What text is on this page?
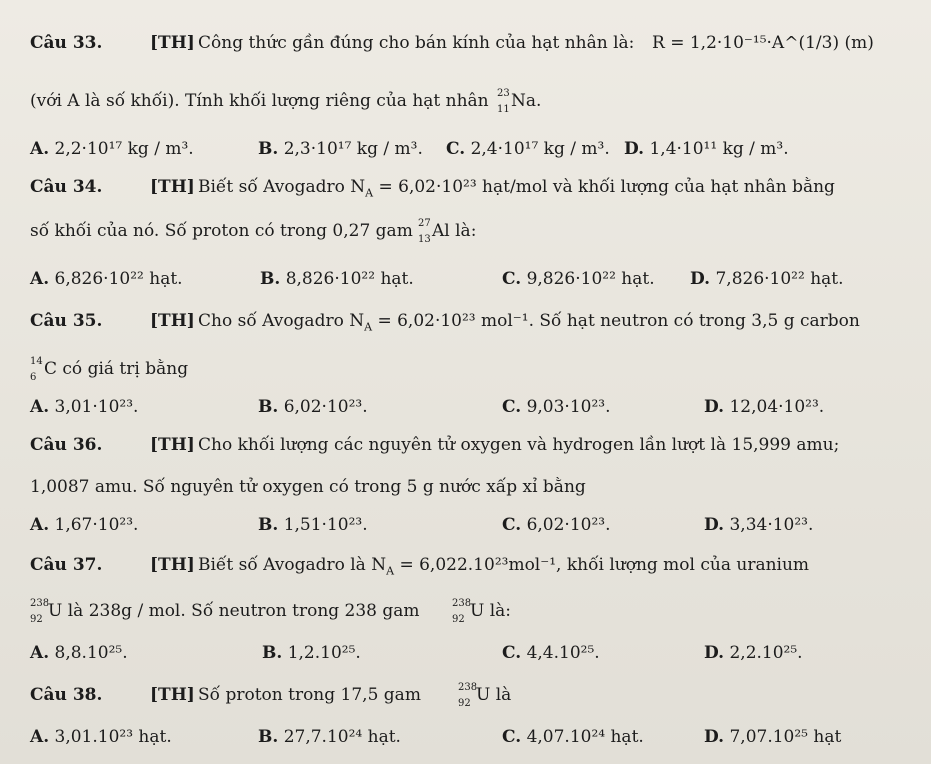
Câu 33.	[TH] Công thức gần đúng cho bán kính của hạt nhân là: R = 1,2·10⁻¹⁵·A^(1/3) (m)
(với A là số khối). Tính khối lượng riêng của hạt nhân 23
11 Na.
A. 2,2·10¹⁷ kg / m³.	B. 2,3·10¹⁷ kg / m³. C. 2,4·10¹⁷ kg / m³. D. 1,4·10¹¹ kg / m³.
Câu 34.	[TH] Biết số Avogadro $N_A = 6,02\cdot 10^{23}$ hạt/mol và khối lượng của hạt nhân bằng
số khối của nó. Số proton có trong 0,27 gam 27
13 Al là:
A. 6,826·10²² hạt.	B. 8,826·10²² hạt.	C. 9,826·10²² hạt. D. 7,826·10²² hạt.
Câu 35.	[TH] Cho số Avogadro $N_A = 6,02\cdot 10^{23}$ mol⁻¹. Số hạt neutron có trong 3,5 g carbon
14
6 C có giá trị bằng
A. 3,01·10²³.	B. 6,02·10²³.	C. 9,03·10²³.	D. 12,04·10²³.
Câu 36.	[TH] Cho khối lượng các nguyên tử oxygen và hydrogen lần lượt là 15,999 amu;
1,0087 amu. Số nguyên tử oxygen có trong 5 g nước xấp xỉ bằng
A. 1,67·10²³.	B. 1,51·10²³.	C. 6,02·10²³.	D. 3,34·10²³.
Câu 37.	[TH] Biết số Avogadro là $N_A = 6,022.10^{23}mol^{-1}$, khối lượng mol của uranium
238
92 U là 238g / mol. Số neutron trong 238 gam	238
92 U là:
A. 8,8.10²⁵.	B. 1,2.10²⁵.	C. 4,4.10²⁵.	D. 2,2.10²⁵.
Câu 38.	[TH] Số proton trong 17,5 gam	238
92 U là
A. 3,01.10²³ hạt.	B. 27,7.10²⁴ hạt.	C. 4,07.10²⁴ hạt.	D. 7,07.10²⁵ hạt
